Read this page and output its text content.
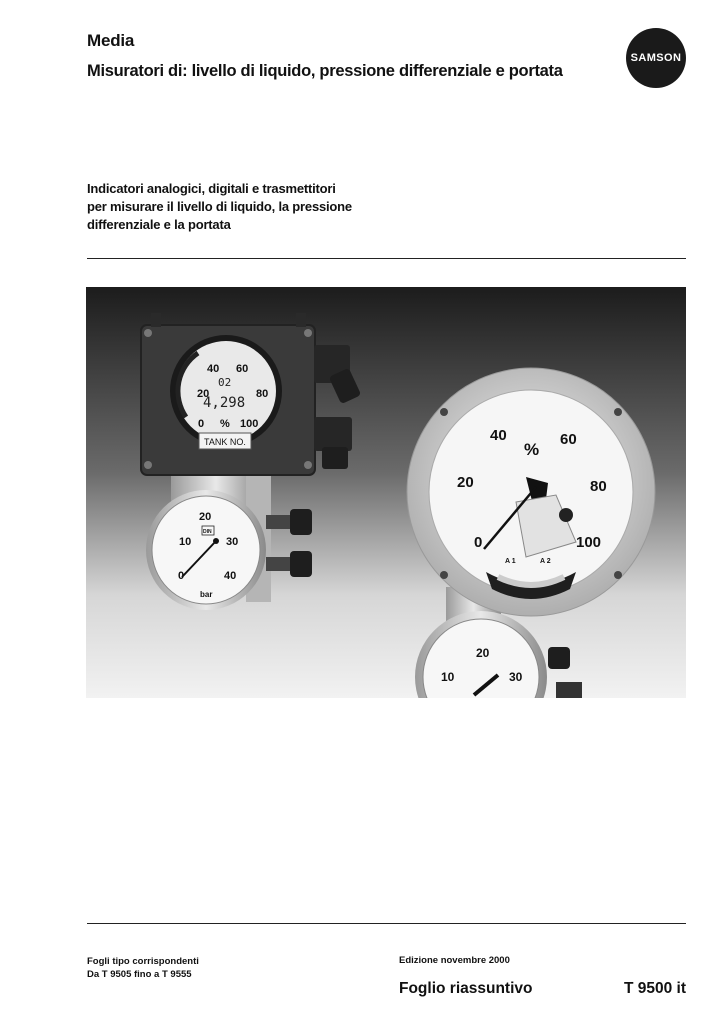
Media
Misuratori di: livello di liquido, pressione differenziale e portata
SAMSON
Indicatori analogici, digitali e trasmettitori
per misurare il livello di liquido, la pressione
differenziale e la portata
20
40 60
80
0 % 100
02
4,298
TANK NO.
10
20
30
0	40
bar
DIN
40	60
20	80
0	100
%
A 1	A 2
10
20
30
Fogli tipo corrispondenti
Da T 9505 fino a T 9555
Edizione novembre 2000
Foglio riassuntivo	T 9500 it
